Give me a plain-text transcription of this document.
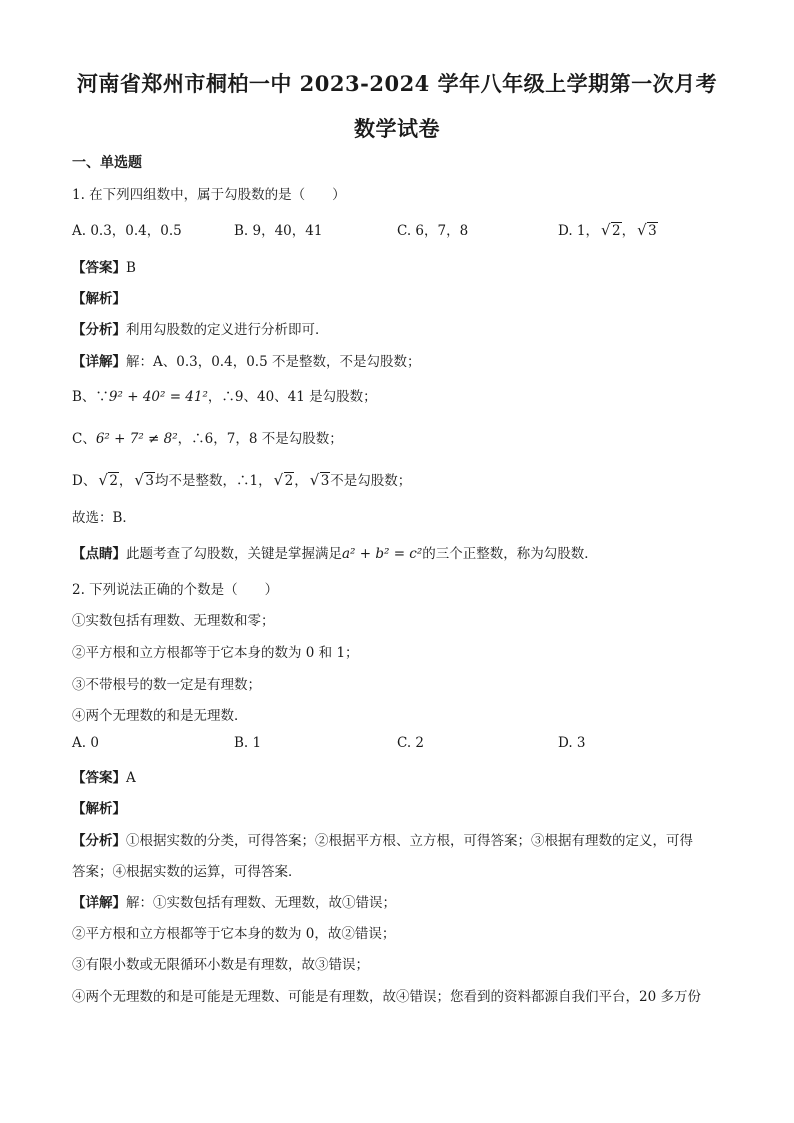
河南省郑州市桐柏一中 2023-2024 学年八年级上学期第一次月考
数学试卷
一、单选题
1. 在下列四组数中，属于勾股数的是（　　）
A. 0.3，0.4，0.5	B. 9，40，41	C. 6，7，8	D. 1， √ 2， √ 3
【答案】B
【解析】
【分析】利用勾股数的定义进行分析即可．
【详解】解：A、0.3，0.4，0.5 不是整数，不是勾股数；
B、∵9² + 40² = 41²，∴9、40、41 是勾股数；
C、6² + 7² ≠ 8²，∴6，7，8 不是勾股数；
D、 √ 2， √ 3均不是整数，∴1， √ 2， √ 3不是勾股数；
故选：B．
【点睛】此题考查了勾股数，关键是掌握满足a² + b² = c²的三个正整数，称为勾股数．
2. 下列说法正确的个数是（　　）
①实数包括有理数、无理数和零；
②平方根和立方根都等于它本身的数为 0 和 1；
③不带根号的数一定是有理数；
④两个无理数的和是无理数．
A. 0	B. 1	C. 2	D. 3
【答案】A
【解析】
【分析】①根据实数的分类，可得答案；②根据平方根、立方根，可得答案；③根据有理数的定义，可得
答案；④根据实数的运算，可得答案．
【详解】解：①实数包括有理数、无理数，故①错误；
②平方根和立方根都等于它本身的数为 0，故②错误；
③有限小数或无限循环小数是有理数，故③错误；
④两个无理数的和是可能是无理数、可能是有理数，故④错误；您看到的资料都源自我们平台，20 多万份
